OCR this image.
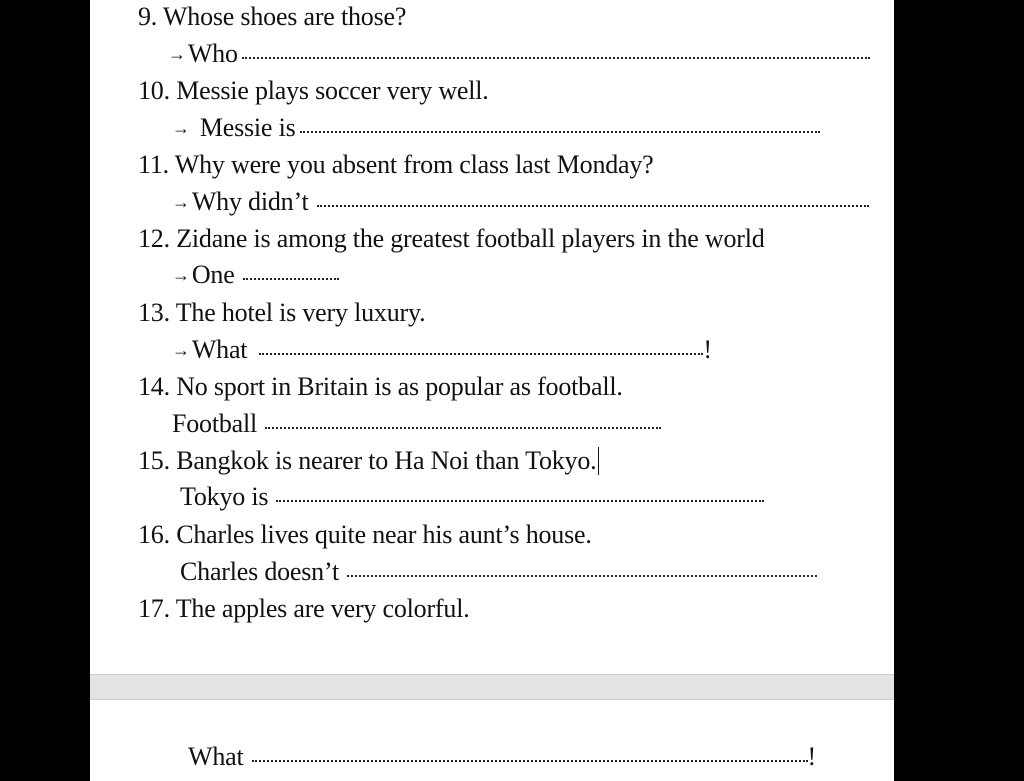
9. Whose shoes are those?
→ Who
10. Messie plays soccer very well.
→ Messie is
11. Why were you absent from class last Monday?
→ Why didn’t
12. Zidane is among the greatest football players in the world
→ One
13. The hotel is very luxury.
→ What	!
14. No sport in Britain is as popular as football.
Football
15. Bangkok is nearer to Ha Noi than Tokyo.
Tokyo is
16. Charles lives quite near his aunt’s house.
Charles doesn’t
17. The apples are very colorful.
What	!
